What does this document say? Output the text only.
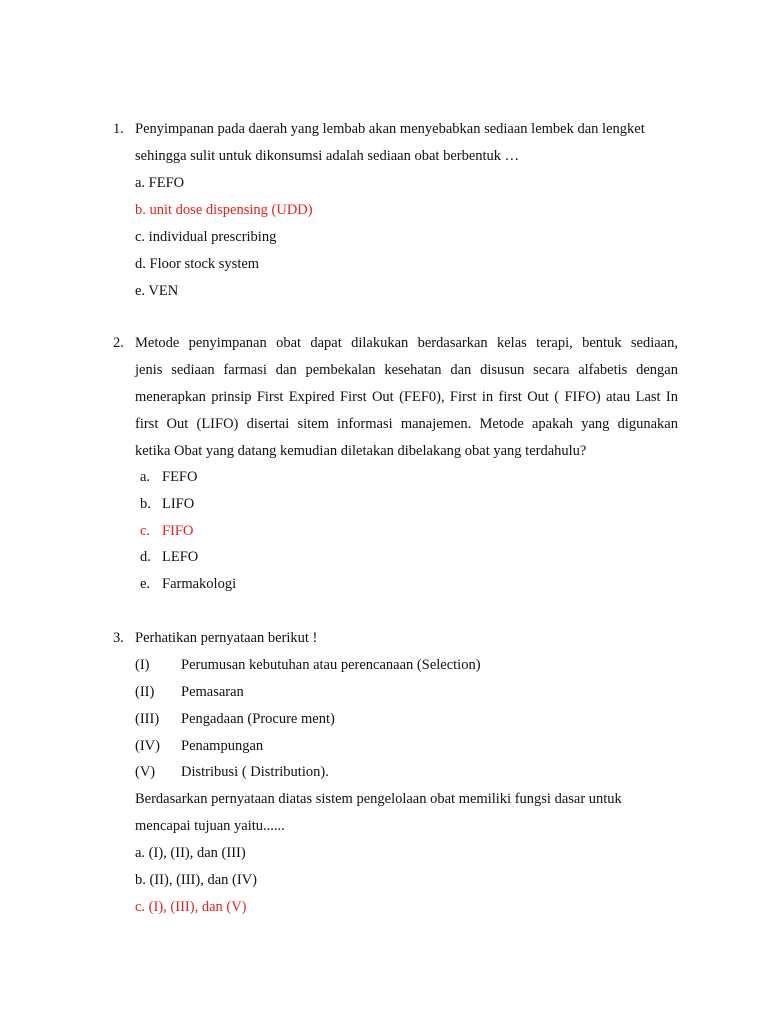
1. Penyimpanan pada daerah yang lembab akan menyebabkan sediaan lembek dan lengket
sehingga sulit untuk dikonsumsi adalah sediaan obat berbentuk …
a. FEFO
b. unit dose dispensing (UDD)
c. individual prescribing
d. Floor stock system
e. VEN
2. Metode penyimpanan obat dapat dilakukan berdasarkan kelas terapi, bentuk sediaan,
jenis sediaan farmasi dan pembekalan kesehatan dan disusun secara alfabetis dengan
menerapkan prinsip First Expired First Out (FEF0), First in first Out ( FIFO) atau Last In
first Out (LIFO) disertai sitem informasi manajemen. Metode apakah yang digunakan
ketika Obat yang datang kemudian diletakan dibelakang obat yang terdahulu?
a. FEFO
b. LIFO
c. FIFO
d. LEFO
e. Farmakologi
3. Perhatikan pernyataan berikut !
(I) Perumusan kebutuhan atau perencanaan (Selection)
(II) Pemasaran
(III) Pengadaan (Procure ment)
(IV) Penampungan
(V) Distribusi ( Distribution).
Berdasarkan pernyataan diatas sistem pengelolaan obat memiliki fungsi dasar untuk
mencapai tujuan yaitu......
a. (I), (II), dan (III)
b. (II), (III), dan (IV)
c. (I), (III), dan (V)
